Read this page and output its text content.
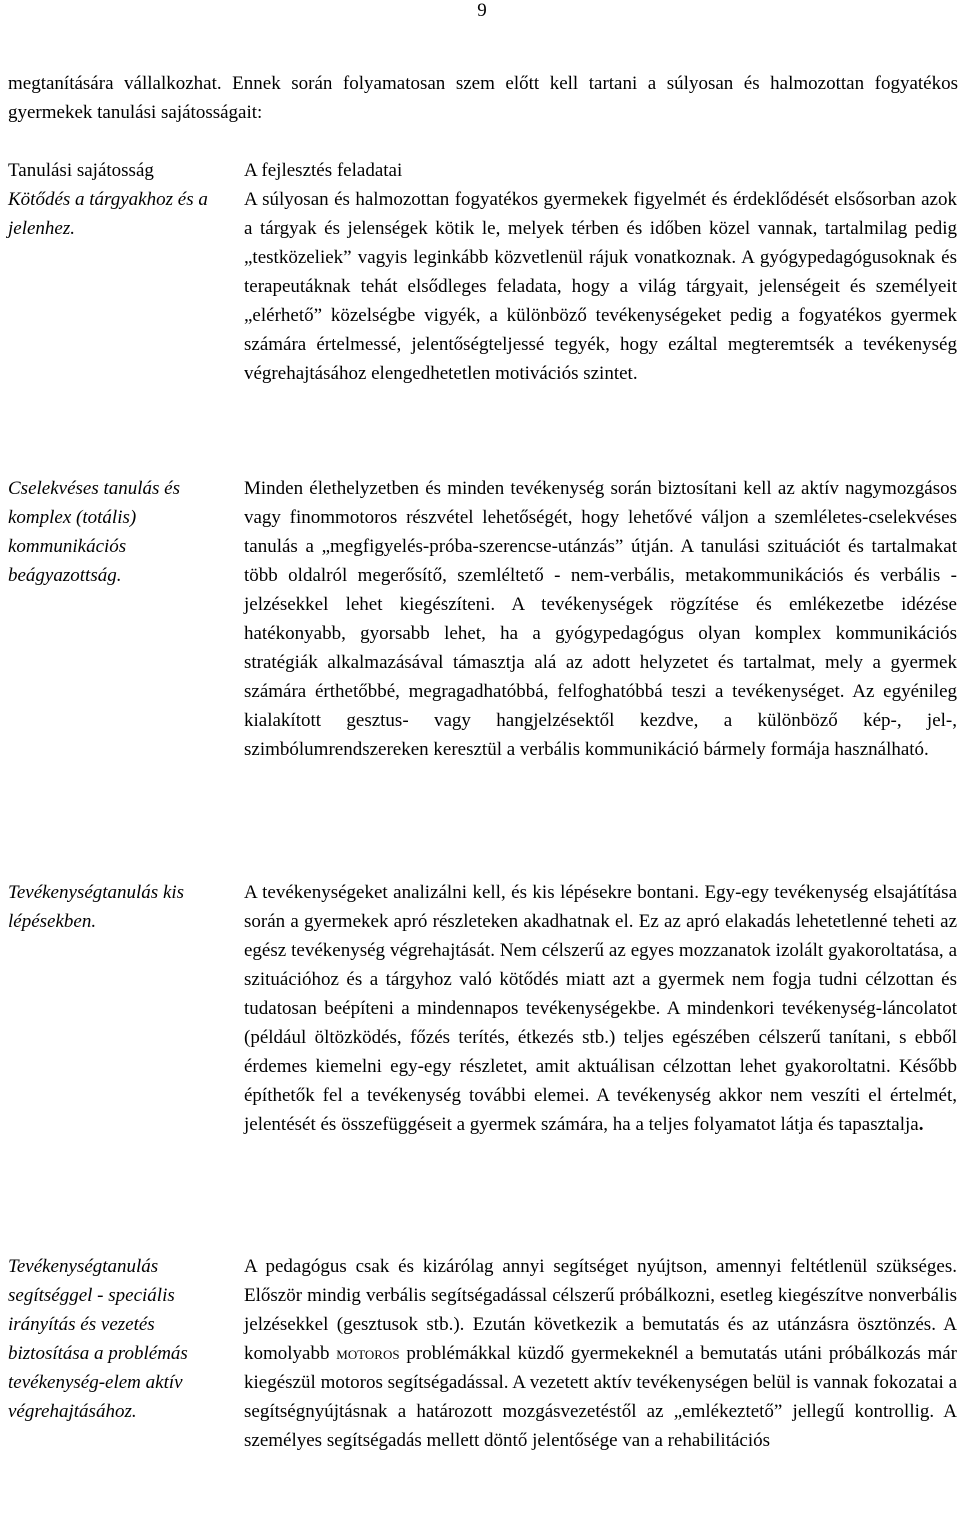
9
megtanítására vállalkozhat. Ennek során folyamatosan szem előtt kell tartani a súlyosan és halmozottan fogyatékos gyermekek tanulási sajátosságait:
Tanulási sajátosság
Kötődés a tárgyakhoz és a jelenhez.
Cselekvéses tanulás és komplex (totális) kommunikációs beágyazottság.
Tevékenységtanulás kis lépésekben.
Tevékenységtanulás segítséggel - speciális irányítás és vezetés biztosítása a problémás tevékenység-elem aktív végrehajtásához.
A fejlesztés feladatai
A súlyosan és halmozottan fogyatékos gyermekek figyelmét és érdeklődését elsősorban azok a tárgyak és jelenségek kötik le, melyek térben és időben közel vannak, tartalmilag pedig „testközeliek” vagyis leginkább közvetlenül rájuk vonatkoznak. A gyógypedagógusoknak és terapeutáknak tehát elsődleges feladata, hogy a világ tárgyait, jelenségeit és személyeit „elérhető” közelségbe vigyék, a különböző tevékenységeket pedig a fogyatékos gyermek számára értelmessé, jelentőségteljessé tegyék, hogy ezáltal megteremtsék a tevékenység végrehajtásához elengedhetetlen motivációs szintet.
Minden élethelyzetben és minden tevékenység során biztosítani kell az aktív nagymozgásos vagy finommotoros részvétel lehetőségét, hogy lehetővé váljon a szemléletes-cselekvéses tanulás a „megfigyelés-próba-szerencse-utánzás” útján. A tanulási szituációt és tartalmakat több oldalról megerősítő, szemléltető - nem-verbális, metakommunikációs és verbális - jelzésekkel lehet kiegészíteni. A tevékenységek rögzítése és emlékezetbe idézése hatékonyabb, gyorsabb lehet, ha a gyógypedagógus olyan komplex kommunikációs stratégiák alkalmazásával támasztja alá az adott helyzetet és tartalmat, mely a gyermek számára érthetőbbé, megragadhatóbbá, felfoghatóbbá teszi a tevékenységet. Az egyénileg kialakított gesztus- vagy hangjelzésektől kezdve, a különböző kép-, jel-, szimbólumrendszereken keresztül a verbális kommunikáció bármely formája használható.
A tevékenységeket analizálni kell, és kis lépésekre bontani. Egy-egy tevékenység elsajátítása során a gyermekek apró részleteken akadhatnak el. Ez az apró elakadás lehetetlenné teheti az egész tevékenység végrehajtását. Nem célszerű az egyes mozzanatok izolált gyakoroltatása, a szituációhoz és a tárgyhoz való kötődés miatt azt a gyermek nem fogja tudni célzottan és tudatosan beépíteni a mindennapos tevékenységekbe. A mindenkori tevékenység-láncolatot (például öltözködés, főzés terítés, étkezés stb.) teljes egészében célszerű tanítani, s ebből érdemes kiemelni egy-egy részletet, amit aktuálisan célzottan lehet gyakoroltatni. Később építhetők fel a tevékenység további elemei. A tevékenység akkor nem veszíti el értelmét, jelentését és összefüggéseit a gyermek számára, ha a teljes folyamatot látja és tapasztalja.
A pedagógus csak és kizárólag annyi segítséget nyújtson, amennyi feltétlenül szükséges. Először mindig verbális segítségadással célszerű próbálkozni, esetleg kiegészítve nonverbális jelzésekkel (gesztusok stb.). Ezután következik a bemutatás és az utánzásra ösztönzés. A komolyabb motoros problémákkal küzdő gyermekeknél a bemutatás utáni próbálkozás már kiegészül motoros segítségadással. A vezetett aktív tevékenységen belül is vannak fokozatai a segítségnyújtásnak a határozott mozgásvezetéstől az „emlékeztető” jellegű kontrollig. A személyes segítségadás mellett döntő jelentősége van a rehabilitációs
